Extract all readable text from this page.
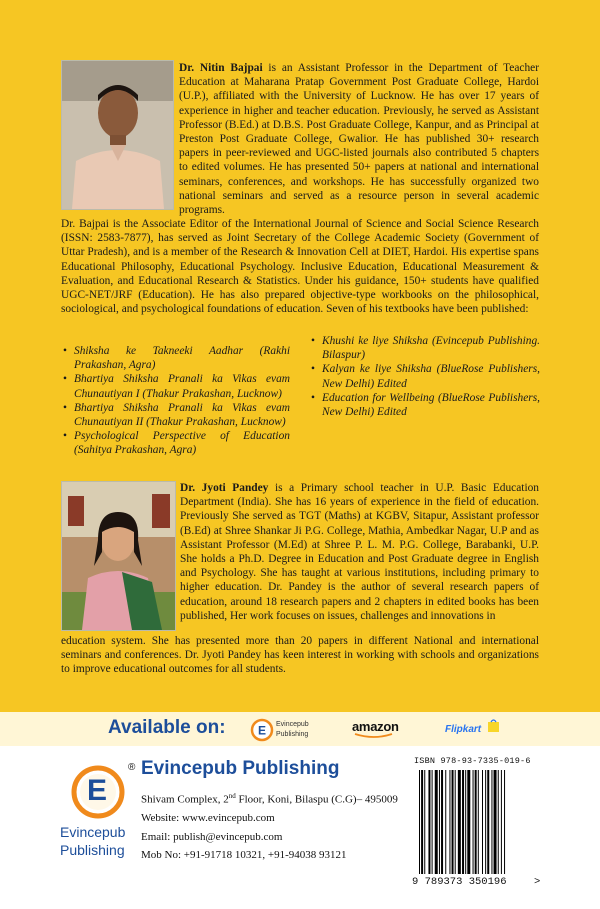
Dr. Nitin Bajpai is an Assistant Professor in the Department of Teacher Education at Maharana Pratap Government Post Graduate College, Hardoi (U.P.), affiliated with the University of Lucknow. He has over 17 years of experience in higher and teacher education. Previously, he served as Assistant Professor (B.Ed.) at D.B.S. Post Graduate College, Kanpur, and as Principal at Preston Post Graduate College, Gwalior. He has published 30+ research papers in peer-reviewed and UGC-listed journals also contributed 5 chapters to edited volumes. He has presented 50+ papers at national and international seminars, conferences, and workshops. He has successfully organized two national seminars and served as a resource person in several academic programs.
Dr. Bajpai is the Associate Editor of the International Journal of Science and Social Science Research (ISSN: 2583-7877), has served as Joint Secretary of the College Academic Society (Government of Uttar Pradesh), and is a member of the Research & Innovation Cell at DIET, Hardoi. His expertise spans Educational Philosophy, Educational Psychology. Inclusive Education, Educational Measurement & Evaluation, and Educational Research & Statistics. Under his guidance, 150+ students have qualified UGC-NET/JRF (Education). He has also prepared objective-type workbooks on the philosophical, sociological, and psychological foundations of education. Seven of his textbooks have been published:
• Shiksha ke Takneeki Aadhar (Rakhi Prakashan, Agra)
• Bhartiya Shiksha Pranali ka Vikas evam Chunautiyan I (Thakur Prakashan, Lucknow)
• Bhartiya Shiksha Pranali ka Vikas evam Chunautiyan II (Thakur Prakashan, Lucknow)
• Psychological Perspective of Education (Sahitya Prakashan, Agra)
• Khushi ke liye Shiksha (Evincepub Publishing. Bilaspur)
• Kalyan ke liye Shiksha (BlueRose Publishers, New Delhi) Edited
• Education for Wellbeing (BlueRose Publishers, New Delhi) Edited
Dr. Jyoti Pandey is a Primary school teacher in U.P. Basic Education Department (India). She has 16 years of experience in the field of education. Previously She served as TGT (Maths) at KGBV, Sitapur, Assistant professor (B.Ed) at Shree Shankar Ji P.G. College, Mathia, Ambedkar Nagar, U.P and as Assistant Professor (M.Ed) at Shree P. L. M. P.G. College, Barabanki, U.P. She holds a Ph.D. Degree in Education and Post Graduate degree in English and Psychology. She has taught at various institutions, including primary to higher education. Dr. Pandey is the author of several research papers of education, around 18 research papers and 2 chapters in edited books has been published, Her work focuses on issues, challenges and innovations in
education system. She has presented more than 20 papers in different National and international seminars and conferences. Dr. Jyoti Pandey has keen interest in working with schools and organizations to improve educational outcomes for all students.
Available on:	E Evincepub
Publishing
amazon	Flipkart
E
®
Evincepub
Publishing
Evincepub Publishing
Shivam Complex, 2nd Floor, Koni, Bilaspu (C.G)– 495009
Website: www.evincepub.com
Email: publish@evincepub.com
Mob No: +91-91718 10321, +91-94038 93121
ISBN 978-93-7335-019-6
9 789373 350196	>
